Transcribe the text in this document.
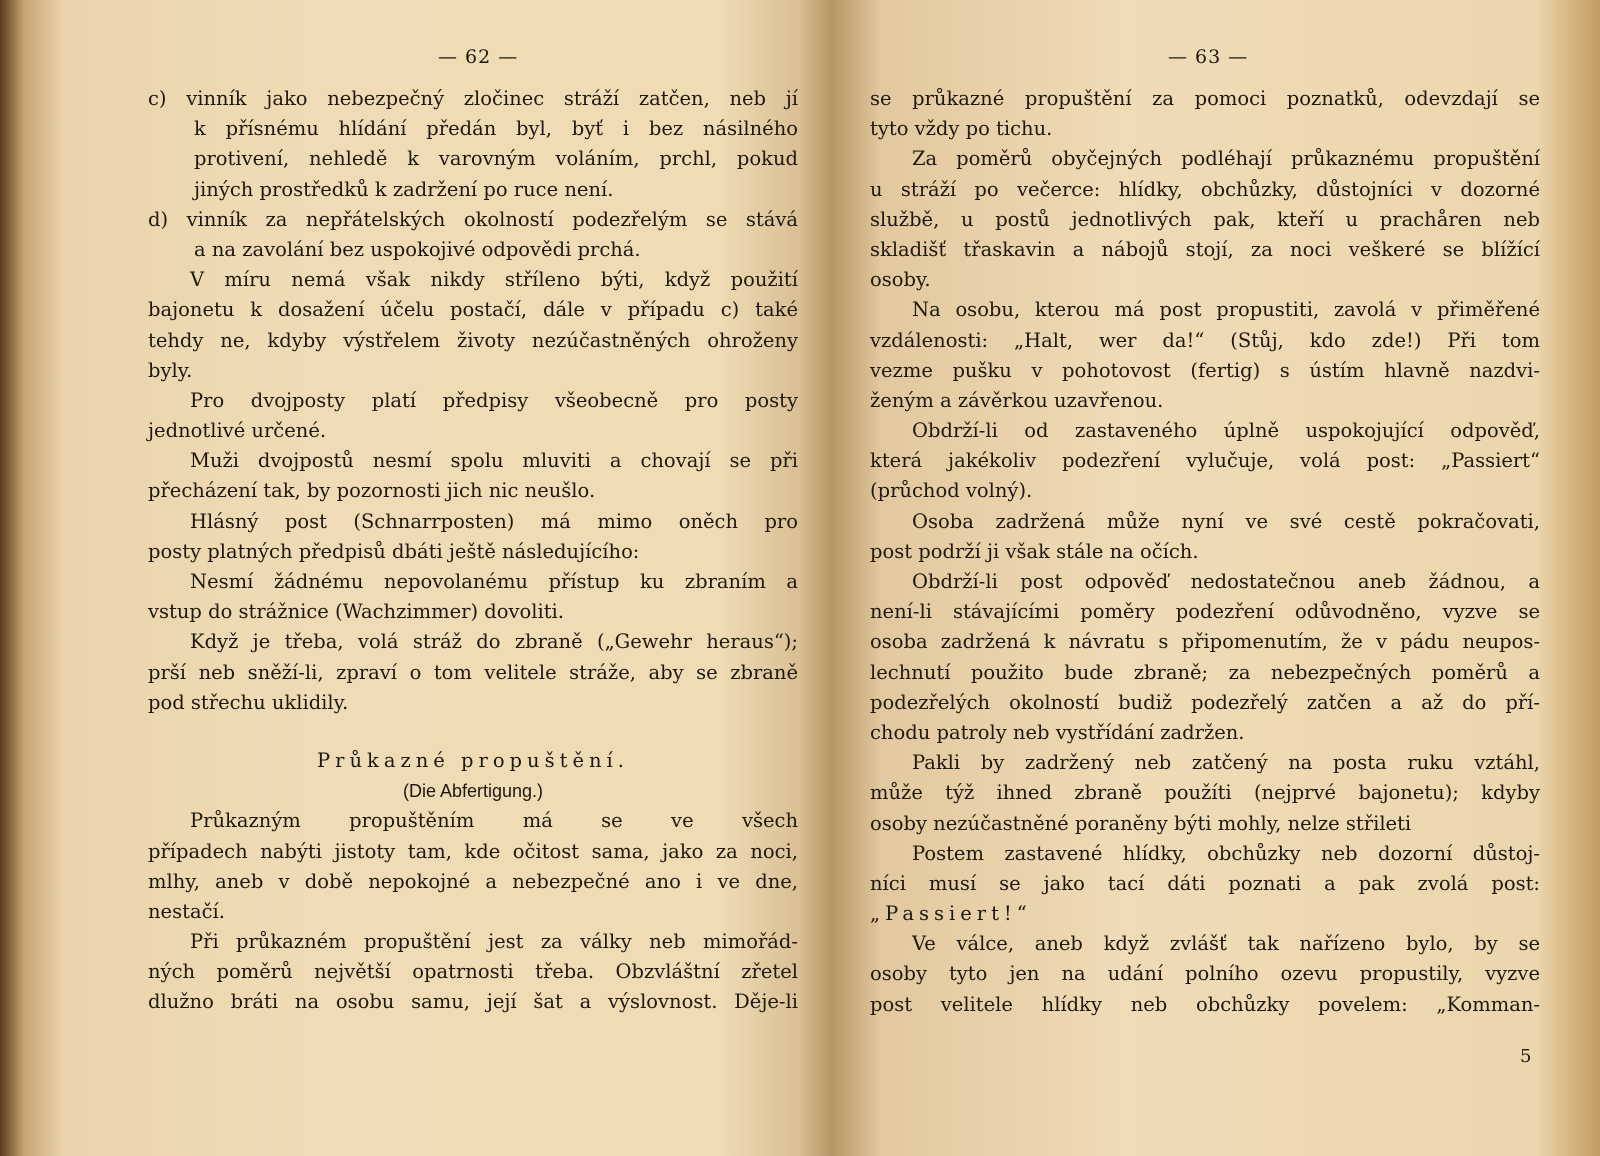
— 62 —
c) vinník jako nebezpečný zločinec stráží zatčen, neb jí
k přísnému hlídání předán byl, byť i bez násilného
protivení, nehledě k varovným voláním, prchl, pokud
jiných prostředků k zadržení po ruce není.
d) vinník za nepřátelských okolností podezřelým se stává
a na zavolání bez uspokojivé odpovědi prchá.
V míru nemá však nikdy stříleno býti, když použití
bajonetu k dosažení účelu postačí, dále v případu c) také
tehdy ne, kdyby výstřelem životy nezúčastněných ohroženy
byly.
Pro dvojposty platí předpisy všeobecně pro posty
jednotlivé určené.
Muži dvojpostů nesmí spolu mluviti a chovají se při
přecházení tak, by pozornosti jich nic neušlo.
Hlásný post (Schnarrposten) má mimo oněch pro
posty platných předpisů dbáti ještě následujícího:
Nesmí žádnému nepovolanému přístup ku zbraním a
vstup do strážnice (Wachzimmer) dovoliti.
Když je třeba, volá stráž do zbraně („Gewehr heraus“);
prší neb sněží-li, zpraví o tom velitele stráže, aby se zbraně
pod střechu uklidily.
Průkazné propuštění.
(Die Abfertigung.)
Průkazným propuštěním má se ve všech
případech nabýti jistoty tam, kde očitost sama, jako za noci,
mlhy, aneb v době nepokojné a nebezpečné ano i ve dne,
nestačí.
Při průkazném propuštění jest za války neb mimořád-
ných poměrů největší opatrnosti třeba. Obzvláštní zřetel
dlužno bráti na osobu samu, její šat a výslovnost. Děje-li
— 63 —
se průkazné propuštění za pomoci poznatků, odevzdají se
tyto vždy po tichu.
Za poměrů obyčejných podléhají průkaznému propuštění
u stráží po večerce: hlídky, obchůzky, důstojníci v dozorné
službě, u postů jednotlivých pak, kteří u prachåren neb
skladišť třaskavin a nábojů stojí, za noci veškeré se blížící
osoby.
Na osobu, kterou má post propustiti, zavolá v přiměřené
vzdálenosti: „Halt, wer da!“ (Stůj, kdo zde!) Při tom
vezme pušku v pohotovost (fertig) s ústím hlavně nazdvi-
ženým a závěrkou uzavřenou.
Obdrží-li od zastaveného úplně uspokojující odpověď,
která jakékoliv podezření vylučuje, volá post: „Passiert“
(průchod volný).
Osoba zadržená může nyní ve své cestě pokračovati,
post podrží ji však stále na očích.
Obdrží-li post odpověď nedostatečnou aneb žádnou, a
není-li stávajícími poměry podezření odůvodněno, vyzve se
osoba zadržená k návratu s připomenutím, že v pádu neupos-
lechnutí použito bude zbraně; za nebezpečných poměrů a
podezřelých okolností budiž podezřelý zatčen a až do pří-
chodu patroly neb vystřídání zadržen.
Pakli by zadržený neb zatčený na posta ruku vztáhl,
může týž ihned zbraně použíti (nejprvé bajonetu); kdyby
osoby nezúčastněné poraněny býti mohly, nelze střileti
Postem zastavené hlídky, obchůzky neb dozorní důstoj-
níci musí se jako tací dáti poznati a pak zvolá post:
„Passiert!“
Ve válce, aneb když zvlášť tak nařízeno bylo, by se
osoby tyto jen na udání polního ozevu propustily, vyzve
post velitele hlídky neb obchůzky povelem: „Komman-
5
